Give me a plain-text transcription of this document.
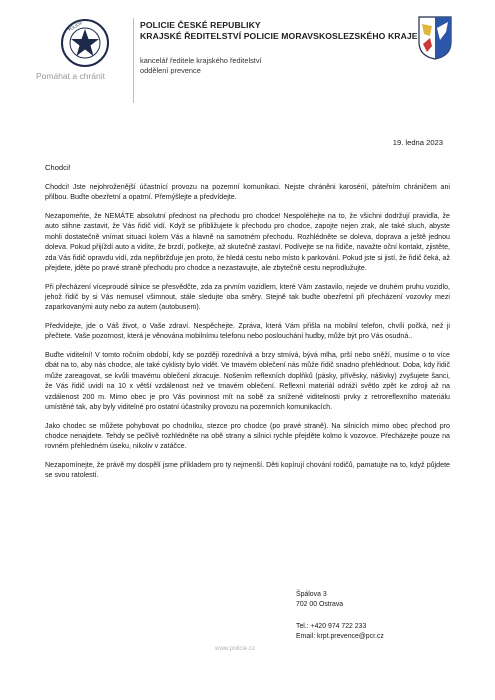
POLICIE
Pomáhat a chránit
POLICIE ČESKÉ REPUBLIKY
KRAJSKÉ ŘEDITELSTVÍ POLICIE MORAVSKOSLEZSKÉHO KRAJE
kancelář ředitele krajského ředitelství
oddělení prevence
19. ledna 2023
Chodci!

Chodci! Jste nejohroženější účastnící provozu na pozemní komunikaci. Nejste chráněni karosérií, páteřním chráničem ani přilbou. Buďte obezřetní a opatrní. Přemýšlejte a předvídejte.

Nezapomeňte, že NEMÁTE absolutní přednost na přechodu pro chodce! Nespoléhejte na to, že všichni dodržují pravidla, že auto stihne zastavit, že Vás řidič vidí. Když se přibližujete k přechodu pro chodce, zapojte nejen zrak, ale také sluch, abyste mohli dostatečně vnímat situaci kolem Vás a hlavně na samotném přechodu. Rozhlédněte se doleva, doprava a ještě jednou doleva. Pokud přijíždí auto a vidíte, že brzdí, počkejte, až skutečně zastaví. Podívejte se na řidiče, navažte oční kontakt, zjistěte, zda Vás řidič opravdu vidí, zda nepřibržďuje jen proto, že hledá cestu nebo místo k parkování. Pokud jste si jistí, že řidič čeká, až přejdete, jděte po pravé straně přechodu pro chodce a nezastavujte, ale zbytečně cestu neprodlužujte.

Při přecházení víceproudé silnice se přesvědčte, zda za prvním vozidlem, které Vám zastavilo, nejede ve druhém pruhu vozidlo, jehož řidič by si Vás nemusel všimnout, stále sledujte oba směry. Stejně tak buďte obezřetní při přecházení vozovky mezi zaparkovanými auty nebo za autem (autobusem).

Předvídejte, jde o Váš život, o Vaše zdraví. Nespěchejte. Zpráva, která Vám přišla na mobilní telefon, chvíli počká, než ji přečtete. Vaše pozornost, která je věnována mobilnímu telefonu nebo poslouchání hudby, může být pro Vás osudná..

Buďte viditelní! V tomto ročním období, kdy se později rozednívá a brzy stmívá, bývá mlha, prší nebo sněží, musíme o to více dbát na to, aby nás chodce, ale také cyklisty bylo vidět. Ve tmavém oblečení nás může řidič snadno přehlédnout. Doba, kdy řidič může zareagovat, se kvůli tmavému oblečení zkracuje. Nošením reflexních doplňků (pásky, přívěsky, nášivky) zvyšujete šanci, že Vás řidič uvidí na 10 x větší vzdálenost než ve tmavém oblečení. Reflexní materiál odráží světlo zpět ke zdroji až na vzdálenost 200 m. Mimo obec je pro Vás povinnost mít na sobě za snížené viditelnosti prvky z retroreflexního materiálu umístěné tak, aby byly viditelné pro ostatní účastníky provozu na pozemních komunikacích.

Jako chodec se můžete pohybovat po chodníku, stezce pro chodce (po pravé straně). Na silnicích mimo obec přechod pro chodce nenajdete. Tehdy se pečlivě rozhlédněte na obě strany a silnici rychle přejděte kolmo k vozovce. Přecházejte pouze na rovném přehledném úseku, nikoliv v zatáčce.

Nezapomínejte, že právě my dospělí jsme příkladem pro ty nejmenší. Děti kopírují chování rodičů, pamatujte na to, když půjdete se svou ratolestí.

Špálova 3
702 00 Ostrava
Tel.: +420 974 722 233
Email: krpt.prevence@pcr.cz
www.policie.cz
